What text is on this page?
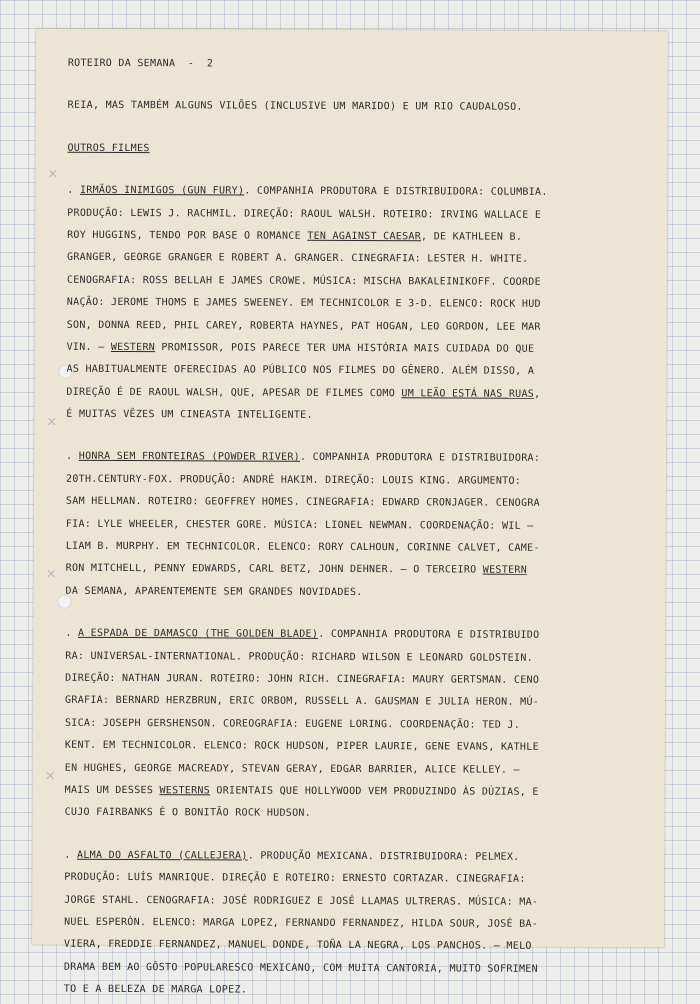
×
×
×
×
ROTEIRO DA SEMANA  -  2
REIA, MAS TAMBÉM ALGUNS VILÕES (INCLUSIVE UM MARIDO) E UM RIO CAUDALOSO.
OUTROS FILMES
. IRMÃOS INIMIGOS (GUN FURY). COMPANHIA PRODUTORA E DISTRIBUIDORA: COLUMBIA.
PRODUÇÃO: LEWIS J. RACHMIL. DIREÇÃO: RAOUL WALSH. ROTEIRO: IRVING WALLACE E
ROY HUGGINS, TENDO POR BASE O ROMANCE TEN AGAINST CAESAR, DE KATHLEEN B.
GRANGER, GEORGE GRANGER E ROBERT A. GRANGER. CINEGRAFIA: LESTER H. WHITE.
CENOGRAFIA: ROSS BELLAH E JAMES CROWE. MÚSICA: MISCHA BAKALEINIKOFF. COORDE
NAÇÃO: JEROME THOMS E JAMES SWEENEY. EM TECHNICOLOR E 3-D. ELENCO: ROCK HUD
SON, DONNA REED, PHIL CAREY, ROBERTA HAYNES, PAT HOGAN, LEO GORDON, LEE MAR
VIN. — WESTERN PROMISSOR, POIS PARECE TER UMA HISTÓRIA MAIS CUIDADA DO QUE
AS HABITUALMENTE OFERECIDAS AO PÚBLICO NOS FILMES DO GÊNERO. ALÉM DISSO, A
DIREÇÃO É DE RAOUL WALSH, QUE, APESAR DE FILMES COMO UM LEÃO ESTÁ NAS RUAS,
É MUITAS VÊZES UM CINEASTA INTELIGENTE.
. HONRA SEM FRONTEIRAS (POWDER RIVER). COMPANHIA PRODUTORA E DISTRIBUIDORA:
20TH.CENTURY-FOX. PRODUÇÃO: ANDRÉ HAKIM. DIREÇÃO: LOUIS KING. ARGUMENTO:
SAM HELLMAN. ROTEIRO: GEOFFREY HOMES. CINEGRAFIA: EDWARD CRONJAGER. CENOGRA
FIA: LYLE WHEELER, CHESTER GORE. MÚSICA: LIONEL NEWMAN. COORDENAÇÃO: WIL —
LIAM B. MURPHY. EM TECHNICOLOR. ELENCO: RORY CALHOUN, CORINNE CALVET, CAME-
RON MITCHELL, PENNY EDWARDS, CARL BETZ, JOHN DEHNER. — O TERCEIRO WESTERN
DA SEMANA, APARENTEMENTE SEM GRANDES NOVIDADES.
. A ESPADA DE DAMASCO (THE GOLDEN BLADE). COMPANHIA PRODUTORA E DISTRIBUIDO
RA: UNIVERSAL-INTERNATIONAL. PRODUÇÃO: RICHARD WILSON E LEONARD GOLDSTEIN.
DIREÇÃO: NATHAN JURAN. ROTEIRO: JOHN RICH. CINEGRAFIA: MAURY GERTSMAN. CENO
GRAFIA: BERNARD HERZBRUN, ERIC ORBOM, RUSSELL A. GAUSMAN E JULIA HERON. MÚ-
SICA: JOSEPH GERSHENSON. COREOGRAFIA: EUGENE LORING. COORDENAÇÃO: TED J.
KENT. EM TECHNICOLOR. ELENCO: ROCK HUDSON, PIPER LAURIE, GENE EVANS, KATHLE
EN HUGHES, GEORGE MACREADY, STEVAN GERAY, EDGAR BARRIER, ALICE KELLEY. —
MAIS UM DESSES WESTERNS ORIENTAIS QUE HOLLYWOOD VEM PRODUZINDO ÀS DÚZIAS, E
CUJO FAIRBANKS É O BONITÃO ROCK HUDSON.
. ALMA DO ASFALTO (CALLEJERA). PRODUÇÃO MEXICANA. DISTRIBUIDORA: PELMEX.
PRODUÇÃO: LUÍS MANRIQUE. DIREÇÃO E ROTEIRO: ERNESTO CORTAZAR. CINEGRAFIA:
JORGE STAHL. CENOGRAFIA: JOSÉ RODRIGUEZ E JOSÉ LLAMAS ULTRERAS. MÚSICA: MA-
NUEL ESPERÓN. ELENCO: MARGA LOPEZ, FERNANDO FERNANDEZ, HILDA SOUR, JOSÉ BA-
VIERA, FREDDIE FERNANDEZ, MANUEL DONDE, TOÑA LA NEGRA, LOS PANCHOS. — MELO
DRAMA BEM AO GÔSTO POPULARESCO MEXICANO, COM MUITA CANTORIA, MUITO SOFRIMEN
TO E A BELEZA DE MARGA LOPEZ.
